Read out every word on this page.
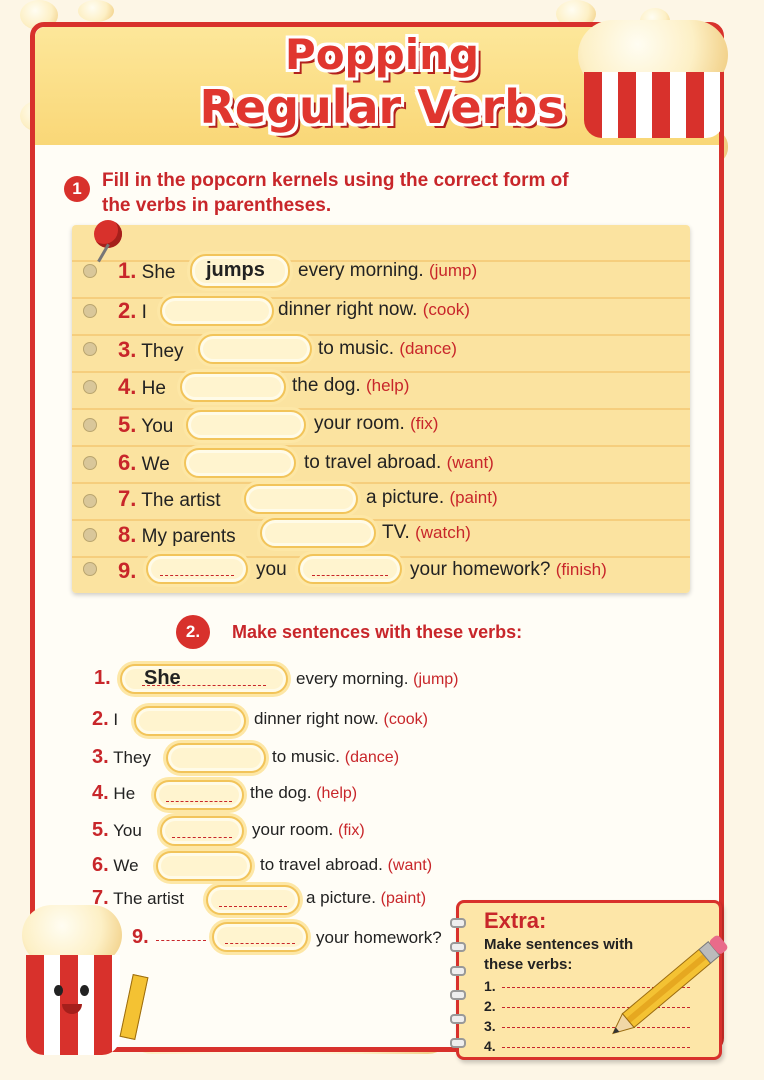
Popping
Regular Verbs
1	Fill in the popcorn kernels using the correct form of
the verbs in parentheses.
1. She jumps every morning. (jump)
2. I	dinner right now. (cook)
3. They	to music. (dance)
4. He	the dog. (help)
5. You	your room. (fix)
6. We	to travel abroad. (want)
7. The artist	a picture. (paint)
8. My parents	TV. (watch)
9.	you	your homework? (finish)
2.	Make sentences with these verbs:
1. She	every morning. (jump)
2. I	dinner right now. (cook)
3. They	to music. (dance)
4. He	the dog. (help)
5. You	your room. (fix)
6. We	to travel abroad. (want)
7. The artist	a picture. (paint)
9.	your homework?
Extra:
Make sentences with these verbs:
1.
2.
3.
4.
